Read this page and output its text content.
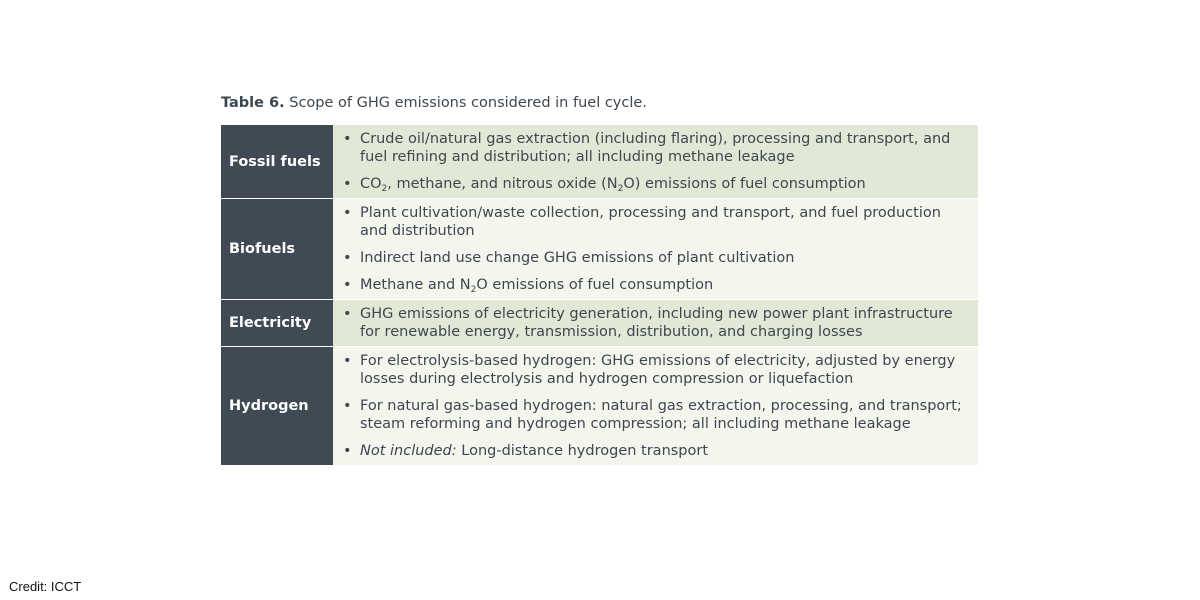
Table 6. Scope of GHG emissions considered in fuel cycle.
Fossil fuels
• Crude oil/natural gas extraction (including flaring), processing and transport, and fuel refining and distribution; all including methane leakage
• $CO_2$, methane, and nitrous oxide $(N_2O)$ emissions of fuel consumption
Biofuels
• Plant cultivation/waste collection, processing and transport, and fuel production and distribution
• Indirect land use change GHG emissions of plant cultivation
• Methane and $N_2O$ emissions of fuel consumption
Electricity
• GHG emissions of electricity generation, including new power plant infrastructure for renewable energy, transmission, distribution, and charging losses
Hydrogen
• For electrolysis-based hydrogen: GHG emissions of electricity, adjusted by energy losses during electrolysis and hydrogen compression or liquefaction
• For natural gas-based hydrogen: natural gas extraction, processing, and transport; steam reforming and hydrogen compression; all including methane leakage
• Not included: Long-distance hydrogen transport
Credit: ICCT
